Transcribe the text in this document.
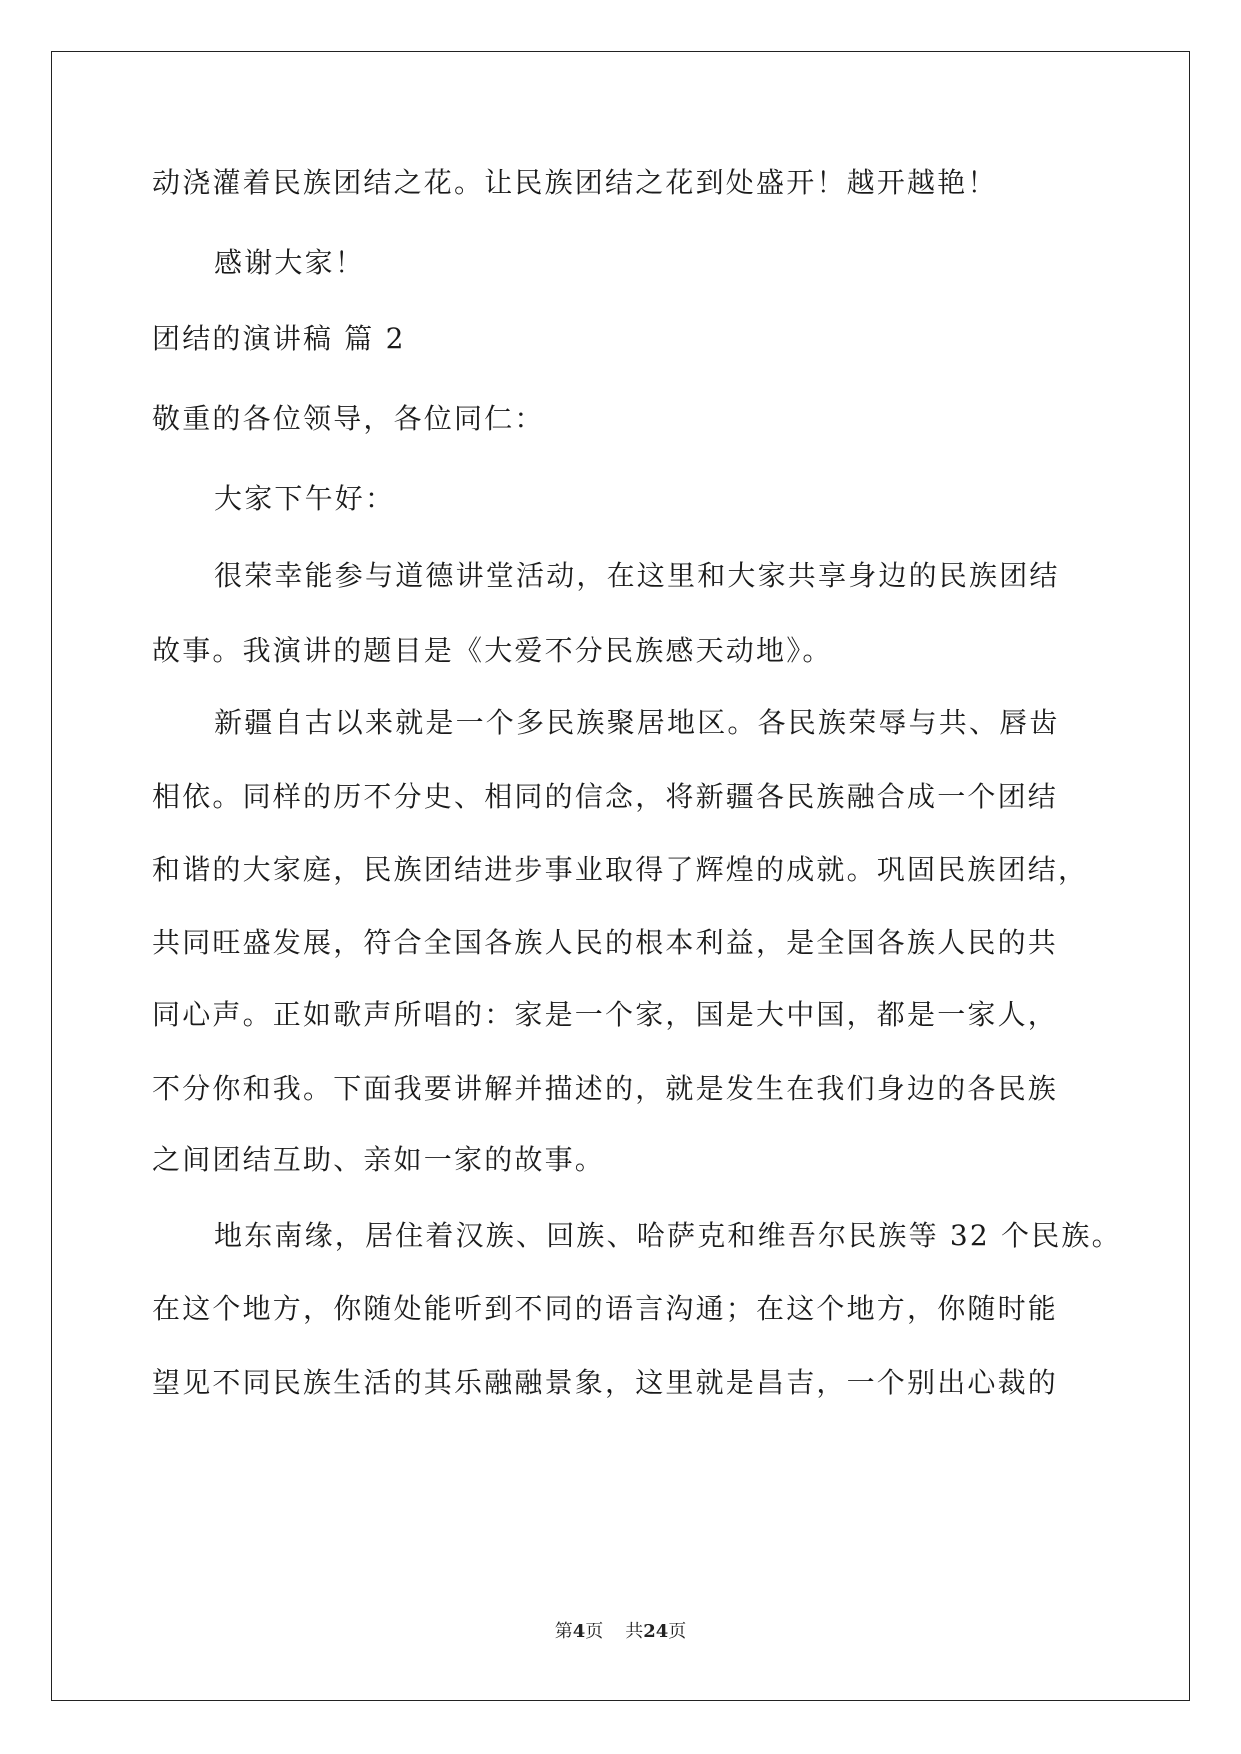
动浇灌着民族团结之花。让民族团结之花到处盛开！越开越艳！
感谢大家！
团结的演讲稿 篇 2
敬重的各位领导，各位同仁：
大家下午好：
很荣幸能参与道德讲堂活动，在这里和大家共享身边的民族团结
故事。我演讲的题目是《大爱不分民族感天动地》。
新疆自古以来就是一个多民族聚居地区。各民族荣辱与共、唇齿
相依。同样的历不分史、相同的信念，将新疆各民族融合成一个团结
和谐的大家庭，民族团结进步事业取得了辉煌的成就。巩固民族团结，
共同旺盛发展，符合全国各族人民的根本利益，是全国各族人民的共
同心声。正如歌声所唱的：家是一个家，国是大中国，都是一家人，
不分你和我。下面我要讲解并描述的，就是发生在我们身边的各民族
之间团结互助、亲如一家的故事。
地东南缘，居住着汉族、回族、哈萨克和维吾尔民族等 32 个民族。
在这个地方，你随处能听到不同的语言沟通；在这个地方，你随时能
望见不同民族生活的其乐融融景象，这里就是昌吉，一个别出心裁的
第4页 共24页
